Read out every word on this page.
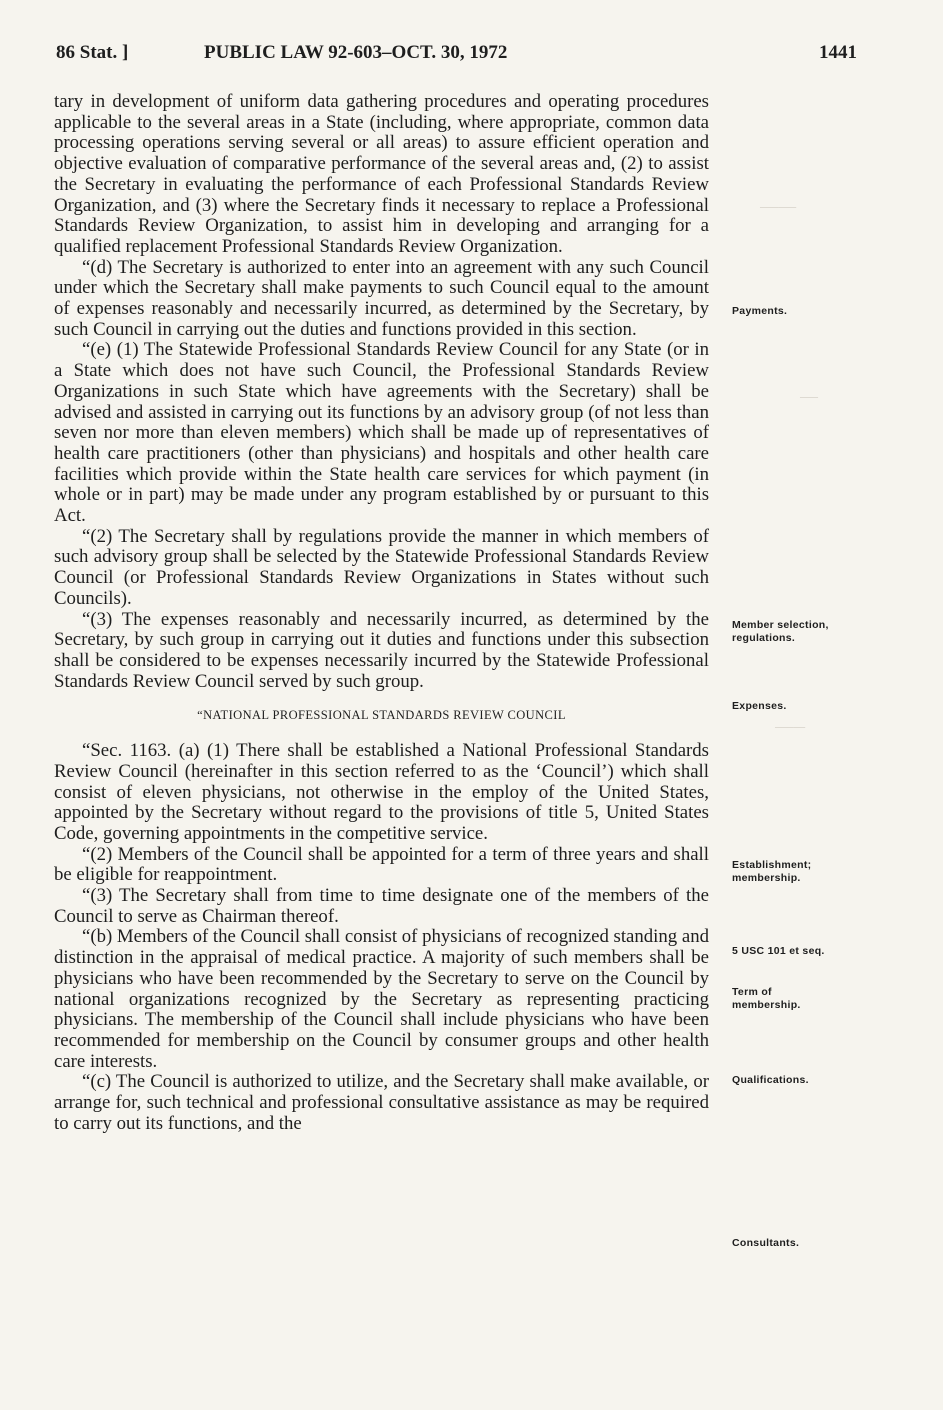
──────
───
─────
86 Stat. ]	PUBLIC LAW 92-603–OCT. 30, 1972	1441

tary in development of uniform data gathering procedures and operating procedures applicable to the several areas in a State (including, where appropriate, common data processing operations serving several or all areas) to assure efficient operation and objective evaluation of comparative performance of the several areas and, (2) to assist the Secretary in evaluating the performance of each Professional Standards Review Organization, and (3) where the Secretary finds it necessary to replace a Professional Standards Review Organization, to assist him in developing and arranging for a qualified replacement Professional Standards Review Organization.

“(d) The Secretary is authorized to enter into an agreement with any such Council under which the Secretary shall make payments to such Council equal to the amount of expenses reasonably and necessarily incurred, as determined by the Secretary, by such Council in carrying out the duties and functions provided in this section.

“(e) (1) The Statewide Professional Standards Review Council for any State (or in a State which does not have such Council, the Professional Standards Review Organizations in such State which have agreements with the Secretary) shall be advised and assisted in carrying out its functions by an advisory group (of not less than seven nor more than eleven members) which shall be made up of representatives of health care practitioners (other than physicians) and hospitals and other health care facilities which provide within the State health care services for which payment (in whole or in part) may be made under any program established by or pursuant to this Act.

“(2) The Secretary shall by regulations provide the manner in which members of such advisory group shall be selected by the Statewide Professional Standards Review Council (or Professional Standards Review Organizations in States without such Councils).

“(3) The expenses reasonably and necessarily incurred, as determined by the Secretary, by such group in carrying out it duties and functions under this subsection shall be considered to be expenses necessarily incurred by the Statewide Professional Standards Review Council served by such group.

“NATIONAL PROFESSIONAL STANDARDS REVIEW COUNCIL

“Sec. 1163. (a) (1) There shall be established a National Professional Standards Review Council (hereinafter in this section referred to as the ‘Council’) which shall consist of eleven physicians, not otherwise in the employ of the United States, appointed by the Secretary without regard to the provisions of title 5, United States Code, governing appointments in the competitive service.

“(2) Members of the Council shall be appointed for a term of three years and shall be eligible for reappointment.

“(3) The Secretary shall from time to time designate one of the members of the Council to serve as Chairman thereof.

“(b) Members of the Council shall consist of physicians of recognized standing and distinction in the appraisal of medical practice. A majority of such members shall be physicians who have been recommended by the Secretary to serve on the Council by national organizations recognized by the Secretary as representing practicing physicians. The membership of the Council shall include physicians who have been recommended for membership on the Council by consumer groups and other health care interests.

“(c) The Council is authorized to utilize, and the Secretary shall make available, or arrange for, such technical and professional consultative assistance as may be required to carry out its functions, and the

Payments.
Member selection, regulations.
Expenses.
Establishment; membership.
5 USC 101 et seq.
Term of membership.
Qualifications.
Consultants.
